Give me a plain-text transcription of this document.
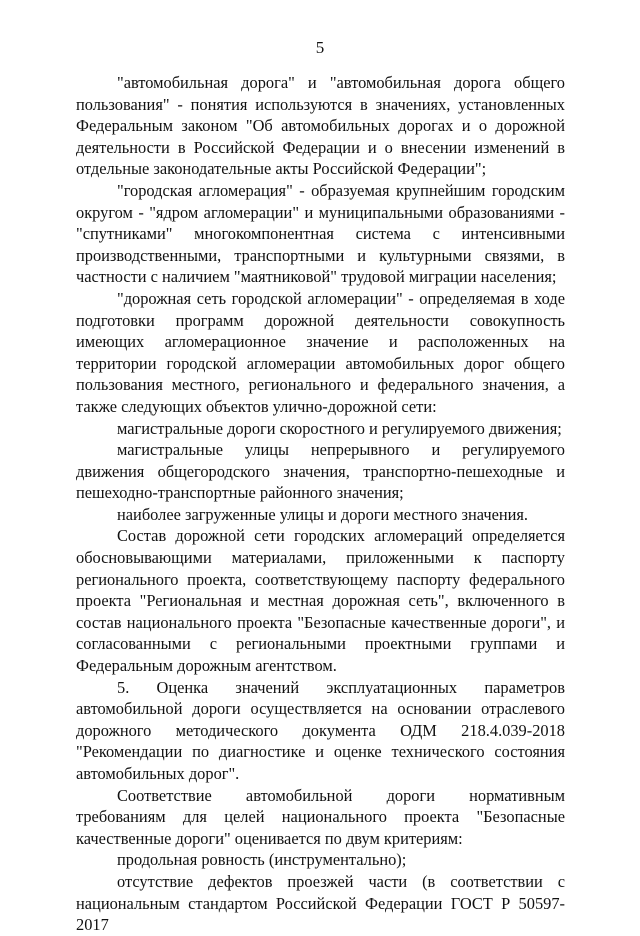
5

"автомобильная дорога" и "автомобильная дорога общего пользования" - понятия используются в значениях, установленных Федеральным законом "Об автомобильных дорогах и о дорожной деятельности в Российской Федерации и о внесении изменений в отдельные законодательные акты Российской Федерации";

"городская агломерация" - образуемая крупнейшим городским округом - "ядром агломерации" и муниципальными образованиями - "спутниками" многокомпонентная система с интенсивными производственными, транспортными и культурными связями, в частности с наличием "маятниковой" трудовой миграции населения;

"дорожная сеть городской агломерации" - определяемая в ходе подготовки программ дорожной деятельности совокупность имеющих агломерационное значение и расположенных на территории городской агломерации автомобильных дорог общего пользования местного, регионального и федерального значения, а также следующих объектов улично-дорожной сети:

магистральные дороги скоростного и регулируемого движения;

магистральные улицы непрерывного и регулируемого движения общегородского значения, транспортно-пешеходные и пешеходно-транспортные районного значения;

наиболее загруженные улицы и дороги местного значения.

Состав дорожной сети городских агломераций определяется обосновывающими материалами, приложенными к паспорту регионального проекта, соответствующему паспорту федерального проекта "Региональная и местная дорожная сеть", включенного в состав национального проекта "Безопасные качественные дороги", и согласованными с региональными проектными группами и Федеральным дорожным агентством.

5. Оценка значений эксплуатационных параметров автомобильной дороги осуществляется на основании отраслевого дорожного методического документа ОДМ 218.4.039-2018 "Рекомендации по диагностике и оценке технического состояния автомобильных дорог".

Соответствие автомобильной дороги нормативным требованиям для целей национального проекта "Безопасные качественные дороги" оценивается по двум критериям:

продольная ровность (инструментально);

отсутствие дефектов проезжей части (в соответствии с национальным стандартом Российской Федерации ГОСТ Р 50597-2017
